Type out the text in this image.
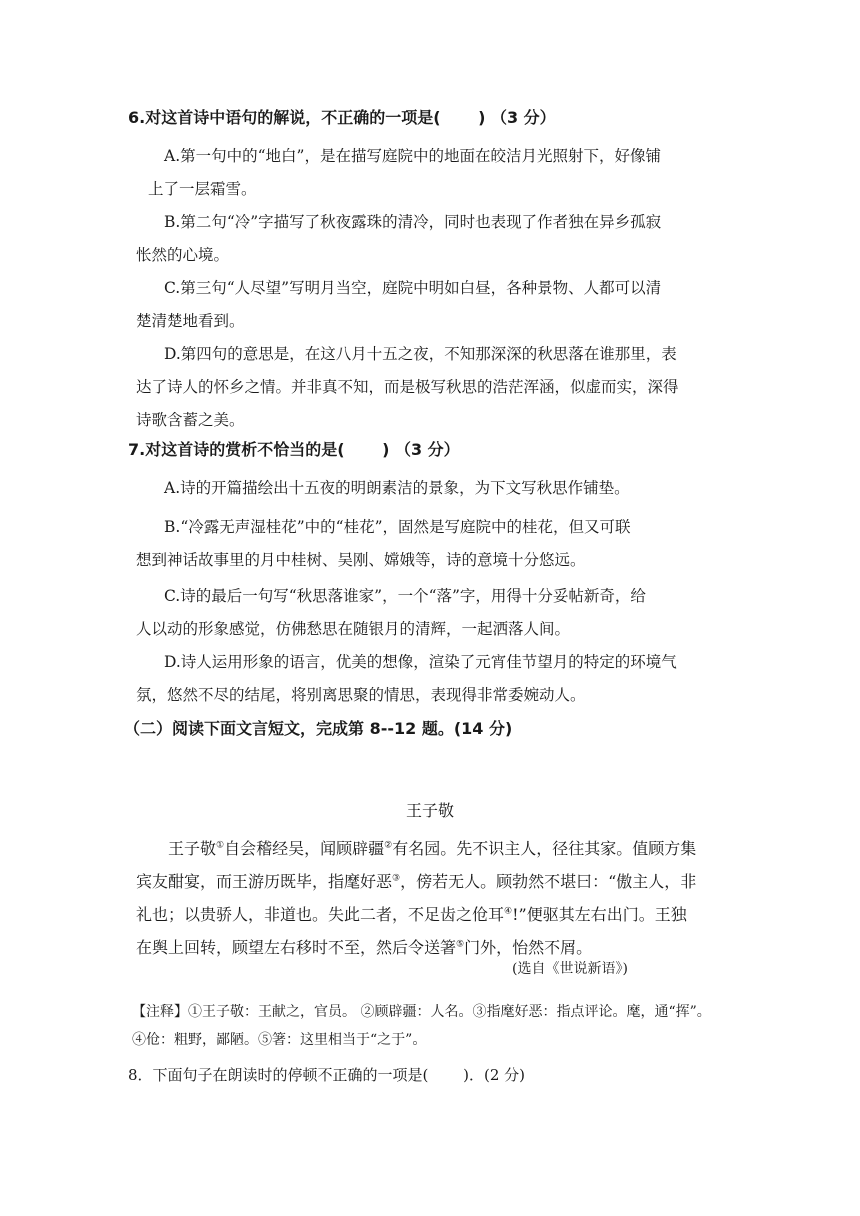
6.对这首诗中语句的解说，不正确的一项是(　　 ) （3 分）
A.第一句中的“地白”，是在描写庭院中的地面在皎洁月光照射下，好像铺
上了一层霜雪。
B.第二句“冷”字描写了秋夜露珠的清冷，同时也表现了作者独在异乡孤寂
怅然的心境。
C.第三句“人尽望”写明月当空，庭院中明如白昼，各种景物、人都可以清
楚清楚地看到。
D.第四句的意思是，在这八月十五之夜，不知那深深的秋思落在谁那里，表
达了诗人的怀乡之情。并非真不知，而是极写秋思的浩茫浑涵，似虚而实，深得
诗歌含蓄之美。
7.对这首诗的赏析不恰当的是(　　 ) （3 分）
A.诗的开篇描绘出十五夜的明朗素洁的景象，为下文写秋思作铺垫。
B.“冷露无声湿桂花”中的“桂花”，固然是写庭院中的桂花，但又可联
想到神话故事里的月中桂树、吴刚、嫦娥等，诗的意境十分悠远。
C.诗的最后一句写“秋思落谁家”，一个“落”字，用得十分妥帖新奇，给
人以动的形象感觉，仿佛愁思在随银月的清辉，一起洒落人间。
D.诗人运用形象的语言，优美的想像，渲染了元宵佳节望月的特定的环境气
氛，悠然不尽的结尾，将别离思聚的情思，表现得非常委婉动人。
（二）阅读下面文言短文，完成第 8--12 题。(14 分)
王子敬
王子敬①自会稽经吴，闻顾辟疆②有名园。先不识主人，径往其家。值顾方集
宾友酣宴，而王游历既毕，指麾好恶③，傍若无人。顾勃然不堪曰：“傲主人，非
礼也；以贵骄人，非道也。失此二者，不足齿之伧耳④!”便驱其左右出门。王独
在舆上回转，顾望左右移时不至，然后令送箸⑤门外，怡然不屑。
(选自《世说新语》)
【注释】①王子敬：王献之，官员。 ②顾辟疆：人名。③指麾好恶：指点评论。麾，通“挥”。
④伧：粗野，鄙陋。⑤箸：这里相当于“之于”。
8．下面句子在朗读时的停顿不正确的一项是(　　 )．(2 分)
